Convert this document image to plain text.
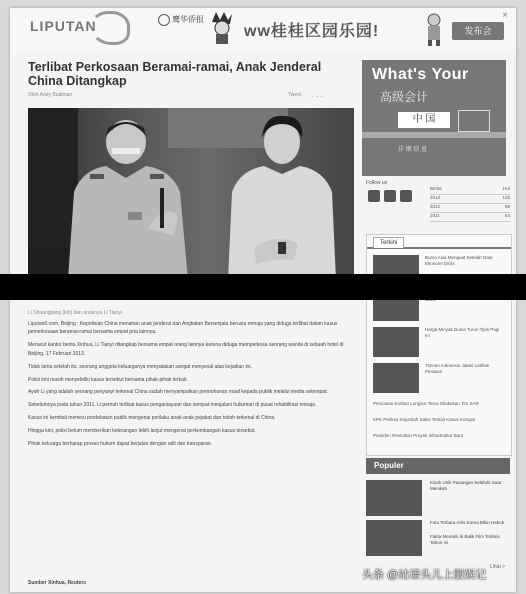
LIPUTAN	鹰华侨报
ww桂桂区园乐园!
×
发布会
Terlibat Perkosaan Beramai-ramai, Anak Jenderal China Ditangkap
Oleh Andy Budiman	Tweet ...
What's Your
高级会计
中 国
详 细 信 息
Follow us
Berita	Hot
2013	125
2012	98
2011	64
Terkini
Bursa Asia Menguat Setelah Data Ekonomi Dirilis
Harga Minyak Dunia Turun Tipis Pagi Ini
Timnas Indonesia Jalani Latihan Perdana
Pencarian Korban Longsor Terus Dilakukan Tim SAR
KPK Periksa Sejumlah Saksi Terkait Kasus Korupsi
Presiden Resmikan Proyek Infrastruktur Baru
Populer
Kisah Unik Pasangan Selebriti Saat Menikah
Foto Terbaru Artis Korea Bikin Heboh
Fakta Menarik di Balik Film Terlaris Tahun Ini
Lihat >
Li Shuangjiang (kiri) dan anaknya Li Tianyi.

Liputan6.com, Beijing : Kepolisian China menahan anak jenderal dan Angkatan Bersenjata berusia remaja yang diduga terlibat dalam kasus pemerkosaan beramai-ramai bersama empat pria lainnya.

Menurut kantor berita Xinhua, Li Tianyi ditangkap bersama empat orang lainnya karena diduga memperkosa seorang wanita di sebuah hotel di Beijing, 17 Februari 2013.

Tidak lama setelah itu, seorang anggota keluarganya menyatakan sangat menyesal atas kejadian ini.

Polisi kini masih menyelidiki kasus tersebut bersama pihak-pihak terkait.

Ayah Li yang adalah seorang penyanyi terkenal China sudah menyampaikan permohonan maaf kepada publik melalui media setempat.

Sebelumnya pada tahun 2011, Li pernah terlibat kasus penganiayaan dan sempat menjalani hukuman di pusat rehabilitasi remaja.

Kasus ini kembali memicu perdebatan publik mengenai perilaku anak-anak pejabat dan tokoh terkenal di China.

Hingga kini, polisi belum memberikan keterangan lebih lanjut mengenai perkembangan kasus tersebut.

Pihak keluarga berharap proses hukum dapat berjalan dengan adil dan transparan.

Sumber Xinhua, Reuters
头条 @站谱头儿上服娱记
